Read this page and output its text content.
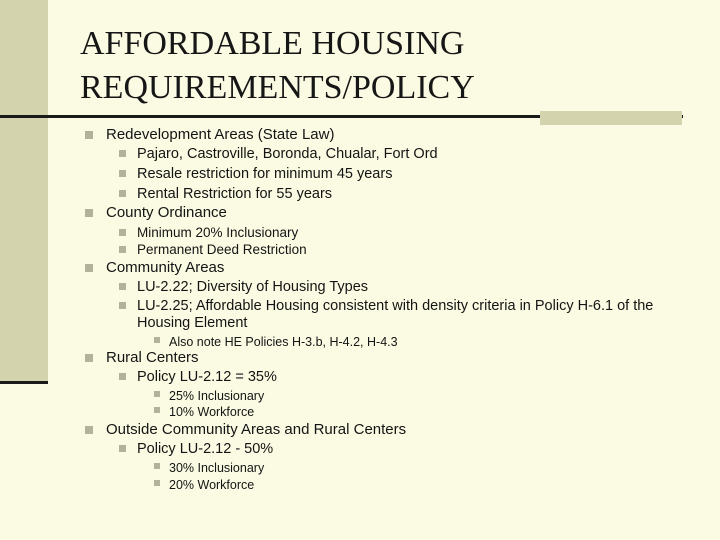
AFFORDABLE HOUSING
REQUIREMENTS/POLICY
Redevelopment Areas (State Law)
Pajaro, Castroville, Boronda, Chualar, Fort Ord
Resale restriction for minimum 45 years
Rental Restriction for 55 years
County Ordinance
Minimum 20% Inclusionary
Permanent Deed Restriction
Community Areas
LU-2.22; Diversity of Housing Types
LU-2.25; Affordable Housing consistent with density criteria in Policy H-6.1 of the
Housing Element
Also note HE Policies H-3.b, H-4.2, H-4.3
Rural Centers
Policy LU-2.12 = 35%
25% Inclusionary
10% Workforce
Outside Community Areas and Rural Centers
Policy LU-2.12 - 50%
30% Inclusionary
20% Workforce
